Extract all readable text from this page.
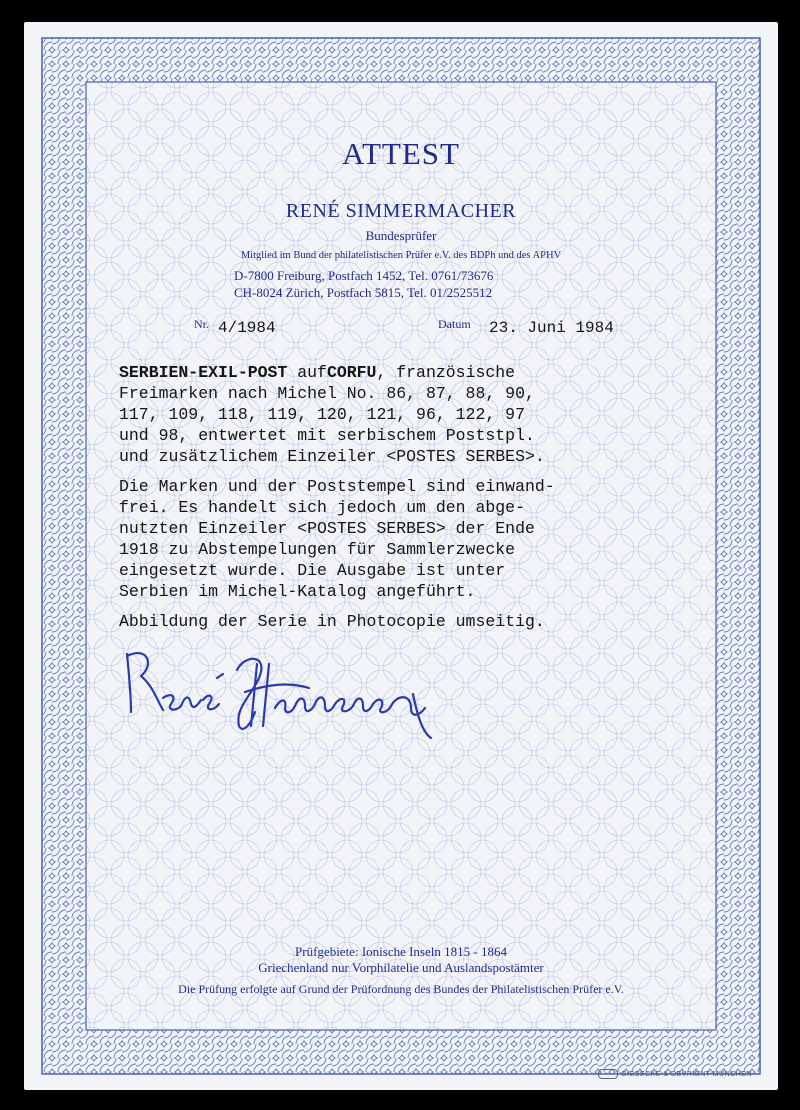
ATTEST
RENÉ SIMMERMACHER
Bundesprüfer
Mitglied im Bund der philatelistischen Prüfer e.V. des BDPh und des APHV
D-7800 Freiburg, Postfach 1452, Tel. 0761/73676
CH-8024 Zürich, Postfach 5815, Tel. 01/2525512
Nr. 4/1984	Datum 23. Juni 1984

SERBIEN-EXIL-POST aufCORFU, französische
Freimarken nach Michel No. 86, 87, 88, 90,
117, 109, 118, 119, 120, 121, 96, 122, 97
und 98, entwertet mit serbischem Poststpl.
und zusätzlichem Einzeiler <POSTES SERBES>.

Die Marken und der Poststempel sind einwand-
frei. Es handelt sich jedoch um den abge-
nutzten Einzeiler <POSTES SERBES> der Ende
1918 zu Abstempelungen für Sammlerzwecke
eingesetzt wurde. Die Ausgabe ist unter
Serbien im Michel-Katalog angeführt.

Abbildung der Serie in Photocopie umseitig.

Prüfgebiete: Ionische Inseln 1815 - 1864
Griechenland nur Vorphilatelie und Auslandspostämter
Die Prüfung erfolgte auf Grund der Prüfordnung des Bundes der Philatelistischen Prüfer e.V.
GIESECKE & DEVRIENT MÜNCHEN
